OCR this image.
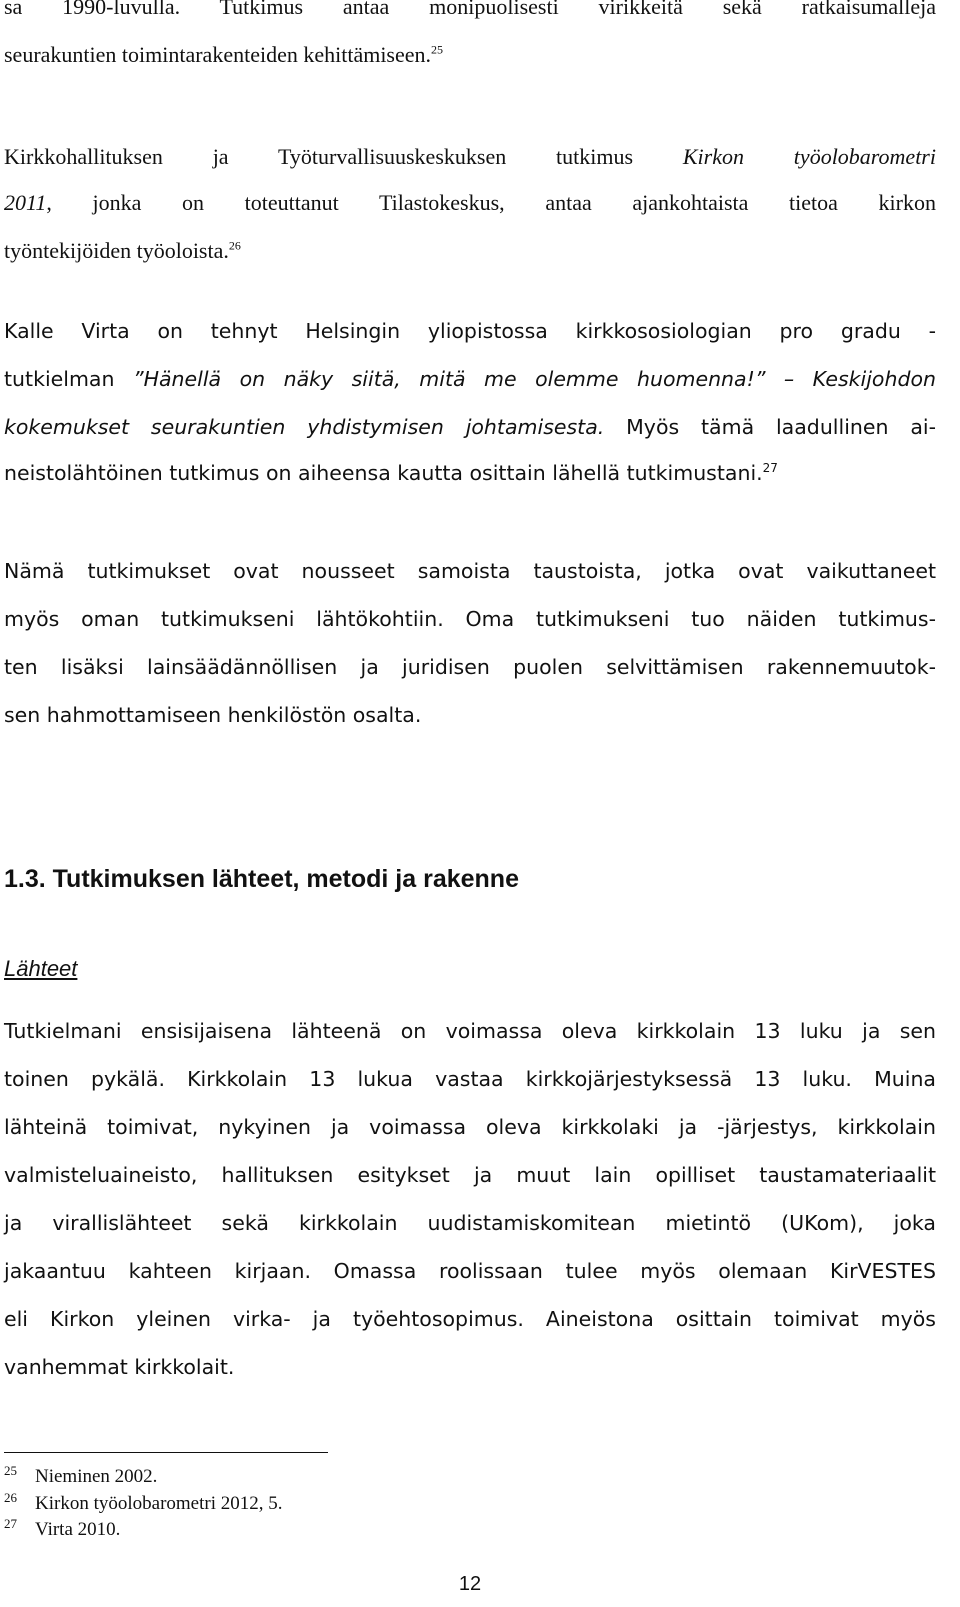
sa 1990-luvulla. Tutkimus antaa monipuolisesti virikkeitä sekä ratkaisumalleja
seurakuntien toimintarakenteiden kehittämiseen.$^{25}$
Kirkkohallituksen ja Työturvallisuuskeskuksen tutkimus Kirkon työolobarometri
2011, jonka on toteuttanut Tilastokeskus, antaa ajankohtaista tietoa kirkon
työntekijöiden työoloista.$^{26}$
Kalle Virta on tehnyt Helsingin yliopistossa kirkkososiologian pro gradu -
tutkielman ”Hänellä on näky siitä, mitä me olemme huomenna!” – Keskijohdon
kokemukset seurakuntien yhdistymisen johtamisesta. Myös tämä laadullinen ai-
neistolähtöinen tutkimus on aiheensa kautta osittain lähellä tutkimustani.$^{27}$
Nämä tutkimukset ovat nousseet samoista taustoista, jotka ovat vaikuttaneet
myös oman tutkimukseni lähtökohtiin. Oma tutkimukseni tuo näiden tutkimus-
ten lisäksi lainsäädännöllisen ja juridisen puolen selvittämisen rakennemuutok-
sen hahmottamiseen henkilöstön osalta.
1.3. Tutkimuksen lähteet, metodi ja rakenne
Lähteet
Tutkielmani ensisijaisena lähteenä on voimassa oleva kirkkolain 13 luku ja sen
toinen pykälä. Kirkkolain 13 lukua vastaa kirkkojärjestyksessä 13 luku. Muina
lähteinä toimivat, nykyinen ja voimassa oleva kirkkolaki ja -järjestys, kirkkolain
valmisteluaineisto, hallituksen esitykset ja muut lain opilliset taustamateriaalit
ja virallislähteet sekä kirkkolain uudistamiskomitean mietintö (UKom), joka
jakaantuu kahteen kirjaan. Omassa roolissaan tulee myös olemaan KirVESTES
eli Kirkon yleinen virka- ja työehtosopimus. Aineistona osittain toimivat myös
vanhemmat kirkkolait.
25 Nieminen 2002.
26 Kirkon työolobarometri 2012, 5.
27 Virta 2010.
12
